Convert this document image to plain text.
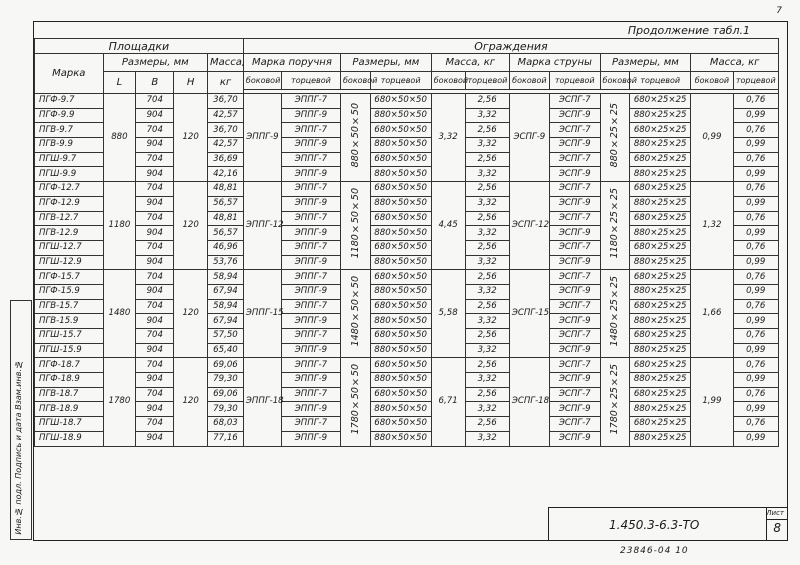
7
Продолжение табл.1
Площадки					Ограждения											
Марка	Размеры, мм			Масса,	Марка поручня		Размеры, мм		Масса, кг		Марка струны		Размеры, мм		Масса, кг	
	L	B	H	кг	боковой	торцевой	боковой	торцевой	боковой	торцевой	боковой	торцевой	боковой	торцевой	боковой	торцевой

ПГФ-9.7	880	704	120	36,70	ЭППГ-9	ЭППГ-7	880×50×50	680×50×50	3,32	2,56	ЭСПГ-9	ЭСПГ-7	880×25×25	680×25×25	0,99	0,76
ПГФ-9.9		904		42,57		ЭППГ-9		880×50×50		3,32		ЭСПГ-9		880×25×25		0,99
ПГВ-9.7		704		36,70		ЭППГ-7		680×50×50		2,56		ЭСПГ-7		680×25×25		0,76
ПГВ-9.9		904		42,57		ЭППГ-9		880×50×50		3,32		ЭСПГ-9		880×25×25		0,99
ПГШ-9.7		704		36,69		ЭППГ-7		680×50×50		2,56		ЭСПГ-7		680×25×25		0,76
ПГШ-9.9		904		42,16		ЭППГ-9		880×50×50		3,32		ЭСПГ-9		880×25×25		0,99
ПГФ-12.7	1180	704	120	48,81	ЭППГ-12	ЭППГ-7	1180×50×50	680×50×50	4,45	2,56	ЭСПГ-12	ЭСПГ-7	1180×25×25	680×25×25	1,32	0,76
ПГФ-12.9		904		56,57		ЭППГ-9		880×50×50		3,32		ЭСПГ-9		880×25×25		0,99
ПГВ-12.7		704		48,81		ЭППГ-7		680×50×50		2,56		ЭСПГ-7		680×25×25		0,76
ПГВ-12.9		904		56,57		ЭППГ-9		880×50×50		3,32		ЭСПГ-9		880×25×25		0,99
ПГШ-12.7		704		46,96		ЭППГ-7		680×50×50		2,56		ЭСПГ-7		680×25×25		0,76
ПГШ-12.9		904		53,76		ЭППГ-9		880×50×50		3,32		ЭСПГ-9		880×25×25		0,99
ПГФ-15.7	1480	704	120	58,94	ЭППГ-15	ЭППГ-7	1480×50×50	680×50×50	5,58	2,56	ЭСПГ-15	ЭСПГ-7	1480×25×25	680×25×25	1,66	0,76
ПГФ-15.9		904		67,94		ЭППГ-9		880×50×50		3,32		ЭСПГ-9		880×25×25		0,99
ПГВ-15.7		704		58,94		ЭППГ-7		680×50×50		2,56		ЭСПГ-7		680×25×25		0,76
ПГВ-15.9		904		67,94		ЭППГ-9		880×50×50		3,32		ЭСПГ-9		880×25×25		0,99
ПГШ-15.7		704		57,50		ЭППГ-7		680×50×50		2,56		ЭСПГ-7		680×25×25		0,76
ПГШ-15.9		904		65,40		ЭППГ-9		880×50×50		3,32		ЭСПГ-9		880×25×25		0,99
ПГФ-18.7	1780	704	120	69,06	ЭППГ-18	ЭППГ-7	1780×50×50	680×50×50	6,71	2,56	ЭСПГ-18	ЭСПГ-7	1780×25×25	680×25×25	1,99	0,76
ПГФ-18.9		904		79,30		ЭППГ-9		880×50×50		3,32		ЭСПГ-9		880×25×25		0,99
ПГВ-18.7		704		69,06		ЭППГ-7		680×50×50		2,56		ЭСПГ-7		680×25×25		0,76
ПГВ-18.9		904		79,30		ЭППГ-9		880×50×50		3,32		ЭСПГ-9		880×25×25		0,99
ПГШ-18.7		704		68,03		ЭППГ-7		680×50×50		2,56		ЭСПГ-7		680×25×25		0,76
ПГШ-18.9		904		77,16		ЭППГ-9		880×50×50		3,32		ЭСПГ-9		880×25×25		0,99
Инв.№ подл. Подпись и дата Взам.инв.№	1.450.3-6.3-ТО
Лист
8
23846-04 10
